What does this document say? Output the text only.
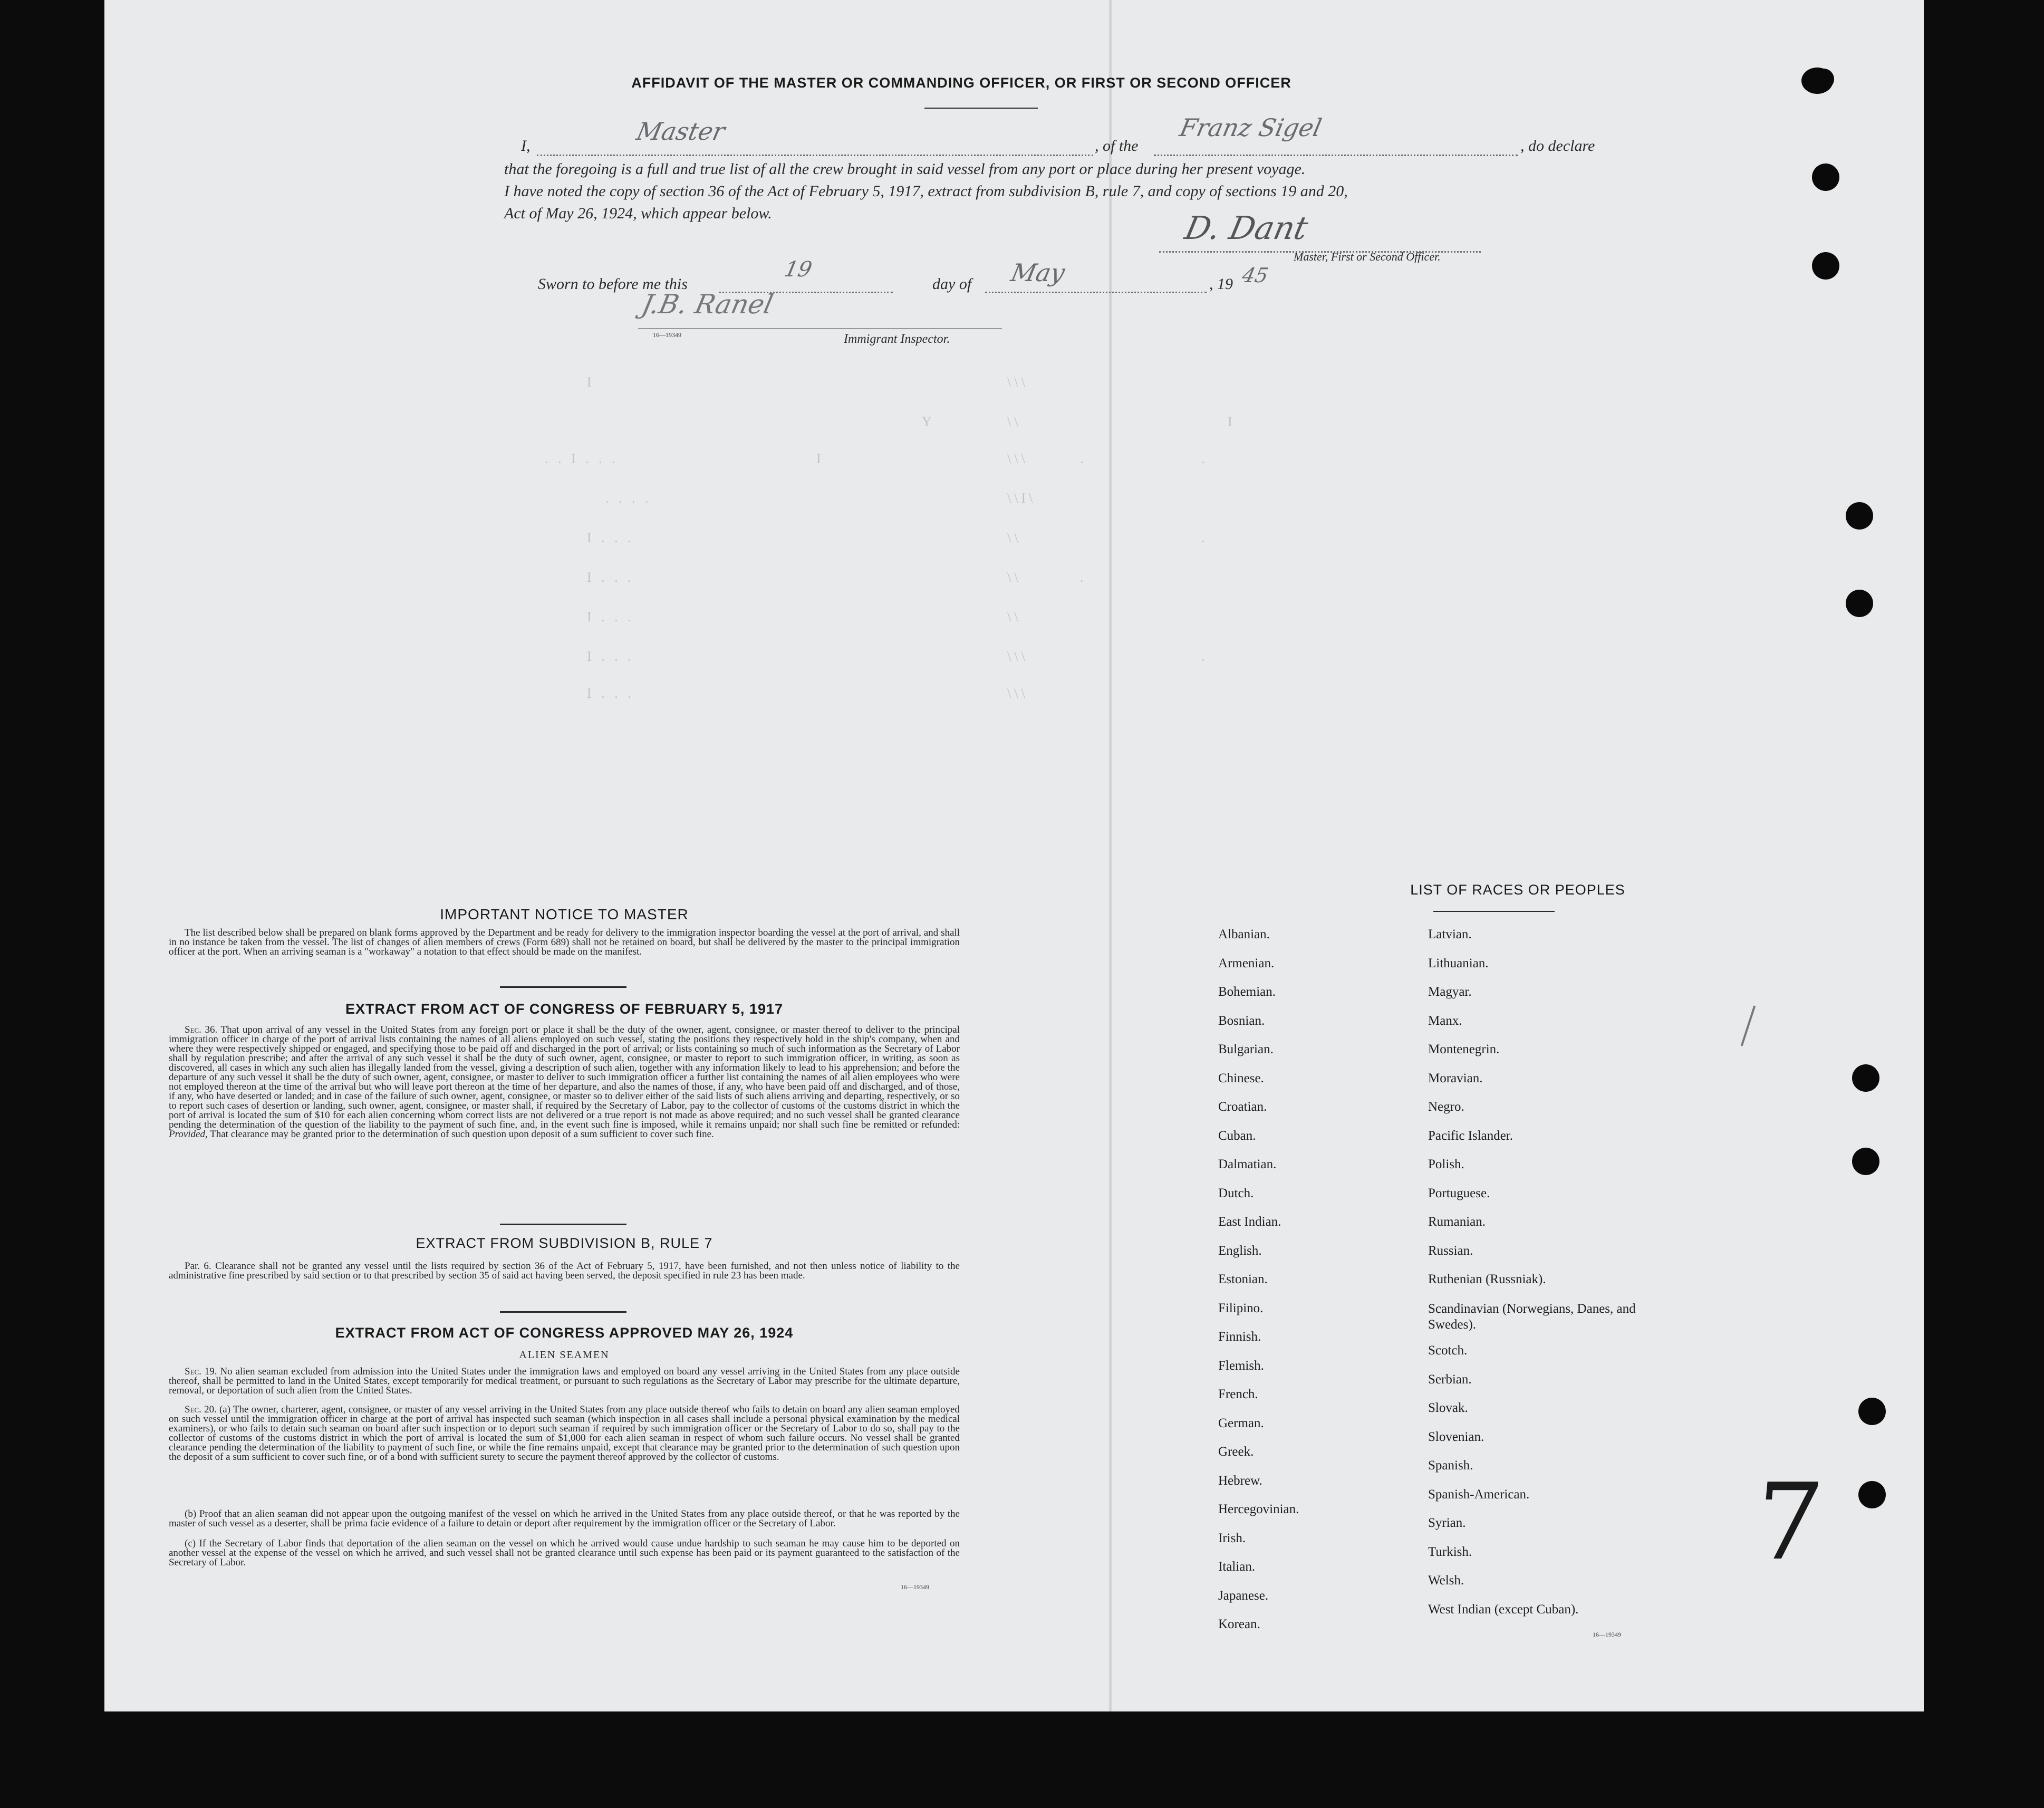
AFFIDAVIT OF THE MASTER OR COMMANDING OFFICER, OR FIRST OR SECOND OFFICER
I,
Master
, of the
Franz Sigel
, do declare
that the foregoing is a full and true list of all the crew brought in said vessel from any port or place during her present voyage.
I have noted the copy of section 36 of the Act of February 5, 1917, extract from subdivision B, rule 7, and copy of sections 19 and 20,
Act of May 26, 1924, which appear below.	D. Dant
Master, First or Second Officer.
Sworn to before me this
19
day of May	, 19 45
J.B. Ranel
16—19349	Immigrant Inspector.
I	\\\
Y	\\	I
. . I . . .	I	\\\	.	.
. . . .	\\I\
I . . .	\\	.
I . . .	\\	.
I . . .	\\
I . . .	\\\	.
I . . .	\\\
IMPORTANT NOTICE TO MASTER
The list described below shall be prepared on blank forms approved by the Department and be ready for delivery to the immigration inspector boarding the vessel at the port of arrival, and shall in no instance be taken from the vessel. The list of changes of alien members of crews (Form 689) shall not be retained on board, but shall be delivered by the master to the principal immigration officer at the port. When an arriving seaman is a "workaway" a notation to that effect should be made on the manifest.
EXTRACT FROM ACT OF CONGRESS OF FEBRUARY 5, 1917
Sec. 36. That upon arrival of any vessel in the United States from any foreign port or place it shall be the duty of the owner, agent, consignee, or master thereof to deliver to the principal immigration officer in charge of the port of arrival lists containing the names of all aliens employed on such vessel, stating the positions they respectively hold in the ship's company, when and where they were respectively shipped or engaged, and specifying those to be paid off and discharged in the port of arrival; or lists containing so much of such information as the Secretary of Labor shall by regulation prescribe; and after the arrival of any such vessel it shall be the duty of such owner, agent, consignee, or master to report to such immigration officer, in writing, as soon as discovered, all cases in which any such alien has illegally landed from the vessel, giving a description of such alien, together with any information likely to lead to his apprehension; and before the departure of any such vessel it shall be the duty of such owner, agent, consignee, or master to deliver to such immigration officer a further list containing the names of all alien employees who were not employed thereon at the time of the arrival but who will leave port thereon at the time of her departure, and also the names of those, if any, who have been paid off and discharged, and of those, if any, who have deserted or landed; and in case of the failure of such owner, agent, consignee, or master so to deliver either of the said lists of such aliens arriving and departing, respectively, or so to report such cases of desertion or landing, such owner, agent, consignee, or master shall, if required by the Secretary of Labor, pay to the collector of customs of the customs district in which the port of arrival is located the sum of $10 for each alien concerning whom correct lists are not delivered or a true report is not made as above required; and no such vessel shall be granted clearance pending the determination of the question of the liability to the payment of such fine, and, in the event such fine is imposed, while it remains unpaid; nor shall such fine be remitted or refunded: Provided, That clearance may be granted prior to the determination of such question upon deposit of a sum sufficient to cover such fine.
EXTRACT FROM SUBDIVISION B, RULE 7
Par. 6. Clearance shall not be granted any vessel until the lists required by section 36 of the Act of February 5, 1917, have been furnished, and not then unless notice of liability to the administrative fine prescribed by said section or to that prescribed by section 35 of said act having been served, the deposit specified in rule 23 has been made.
EXTRACT FROM ACT OF CONGRESS APPROVED MAY 26, 1924
ALIEN SEAMEN
Sec. 19. No alien seaman excluded from admission into the United States under the immigration laws and employed on board any vessel arriving in the United States from any place outside thereof, shall be permitted to land in the United States, except temporarily for medical treatment, or pursuant to such regulations as the Secretary of Labor may prescribe for the ultimate departure, removal, or deportation of such alien from the United States.
Sec. 20. (a) The owner, charterer, agent, consignee, or master of any vessel arriving in the United States from any place outside thereof who fails to detain on board any alien seaman employed on such vessel until the immigration officer in charge at the port of arrival has inspected such seaman (which inspection in all cases shall include a personal physical examination by the medical examiners), or who fails to detain such seaman on board after such inspection or to deport such seaman if required by such immigration officer or the Secretary of Labor to do so, shall pay to the collector of customs of the customs district in which the port of arrival is located the sum of $1,000 for each alien seaman in respect of whom such failure occurs. No vessel shall be granted clearance pending the determination of the liability to payment of such fine, or while the fine remains unpaid, except that clearance may be granted prior to the determination of such question upon the deposit of a sum sufficient to cover such fine, or of a bond with sufficient surety to secure the payment thereof approved by the collector of customs.
(b) Proof that an alien seaman did not appear upon the outgoing manifest of the vessel on which he arrived in the United States from any place outside thereof, or that he was reported by the master of such vessel as a deserter, shall be prima facie evidence of a failure to detain or deport after requirement by the immigration officer or the Secretary of Labor.
(c) If the Secretary of Labor finds that deportation of the alien seaman on the vessel on which he arrived would cause undue hardship to such seaman he may cause him to be deported on another vessel at the expense of the vessel on which he arrived, and such vessel shall not be granted clearance until such expense has been paid or its payment guaranteed to the satisfaction of the Secretary of Labor.
16—19349
LIST OF RACES OR PEOPLES
16—19349
7
Albanian.
Armenian.
Bohemian.
Bosnian.
Bulgarian.
Chinese.
Croatian.
Cuban.
Dalmatian.
Dutch.
East Indian.
English.
Estonian.
Filipino.
Finnish.
Flemish.
French.
German.
Greek.
Hebrew.
Hercegovinian.
Irish.
Italian.
Japanese.
Korean.
Latvian.
Lithuanian.
Magyar.
Manx.
Montenegrin.
Moravian.
Negro.
Pacific Islander.
Polish.
Portuguese.
Rumanian.
Russian.
Ruthenian (Russniak).
Scandinavian (Norwegians, Danes, and Swedes).
Scotch.
Serbian.
Slovak.
Slovenian.
Spanish.
Spanish-American.
Syrian.
Turkish.
Welsh.
West Indian (except Cuban).
